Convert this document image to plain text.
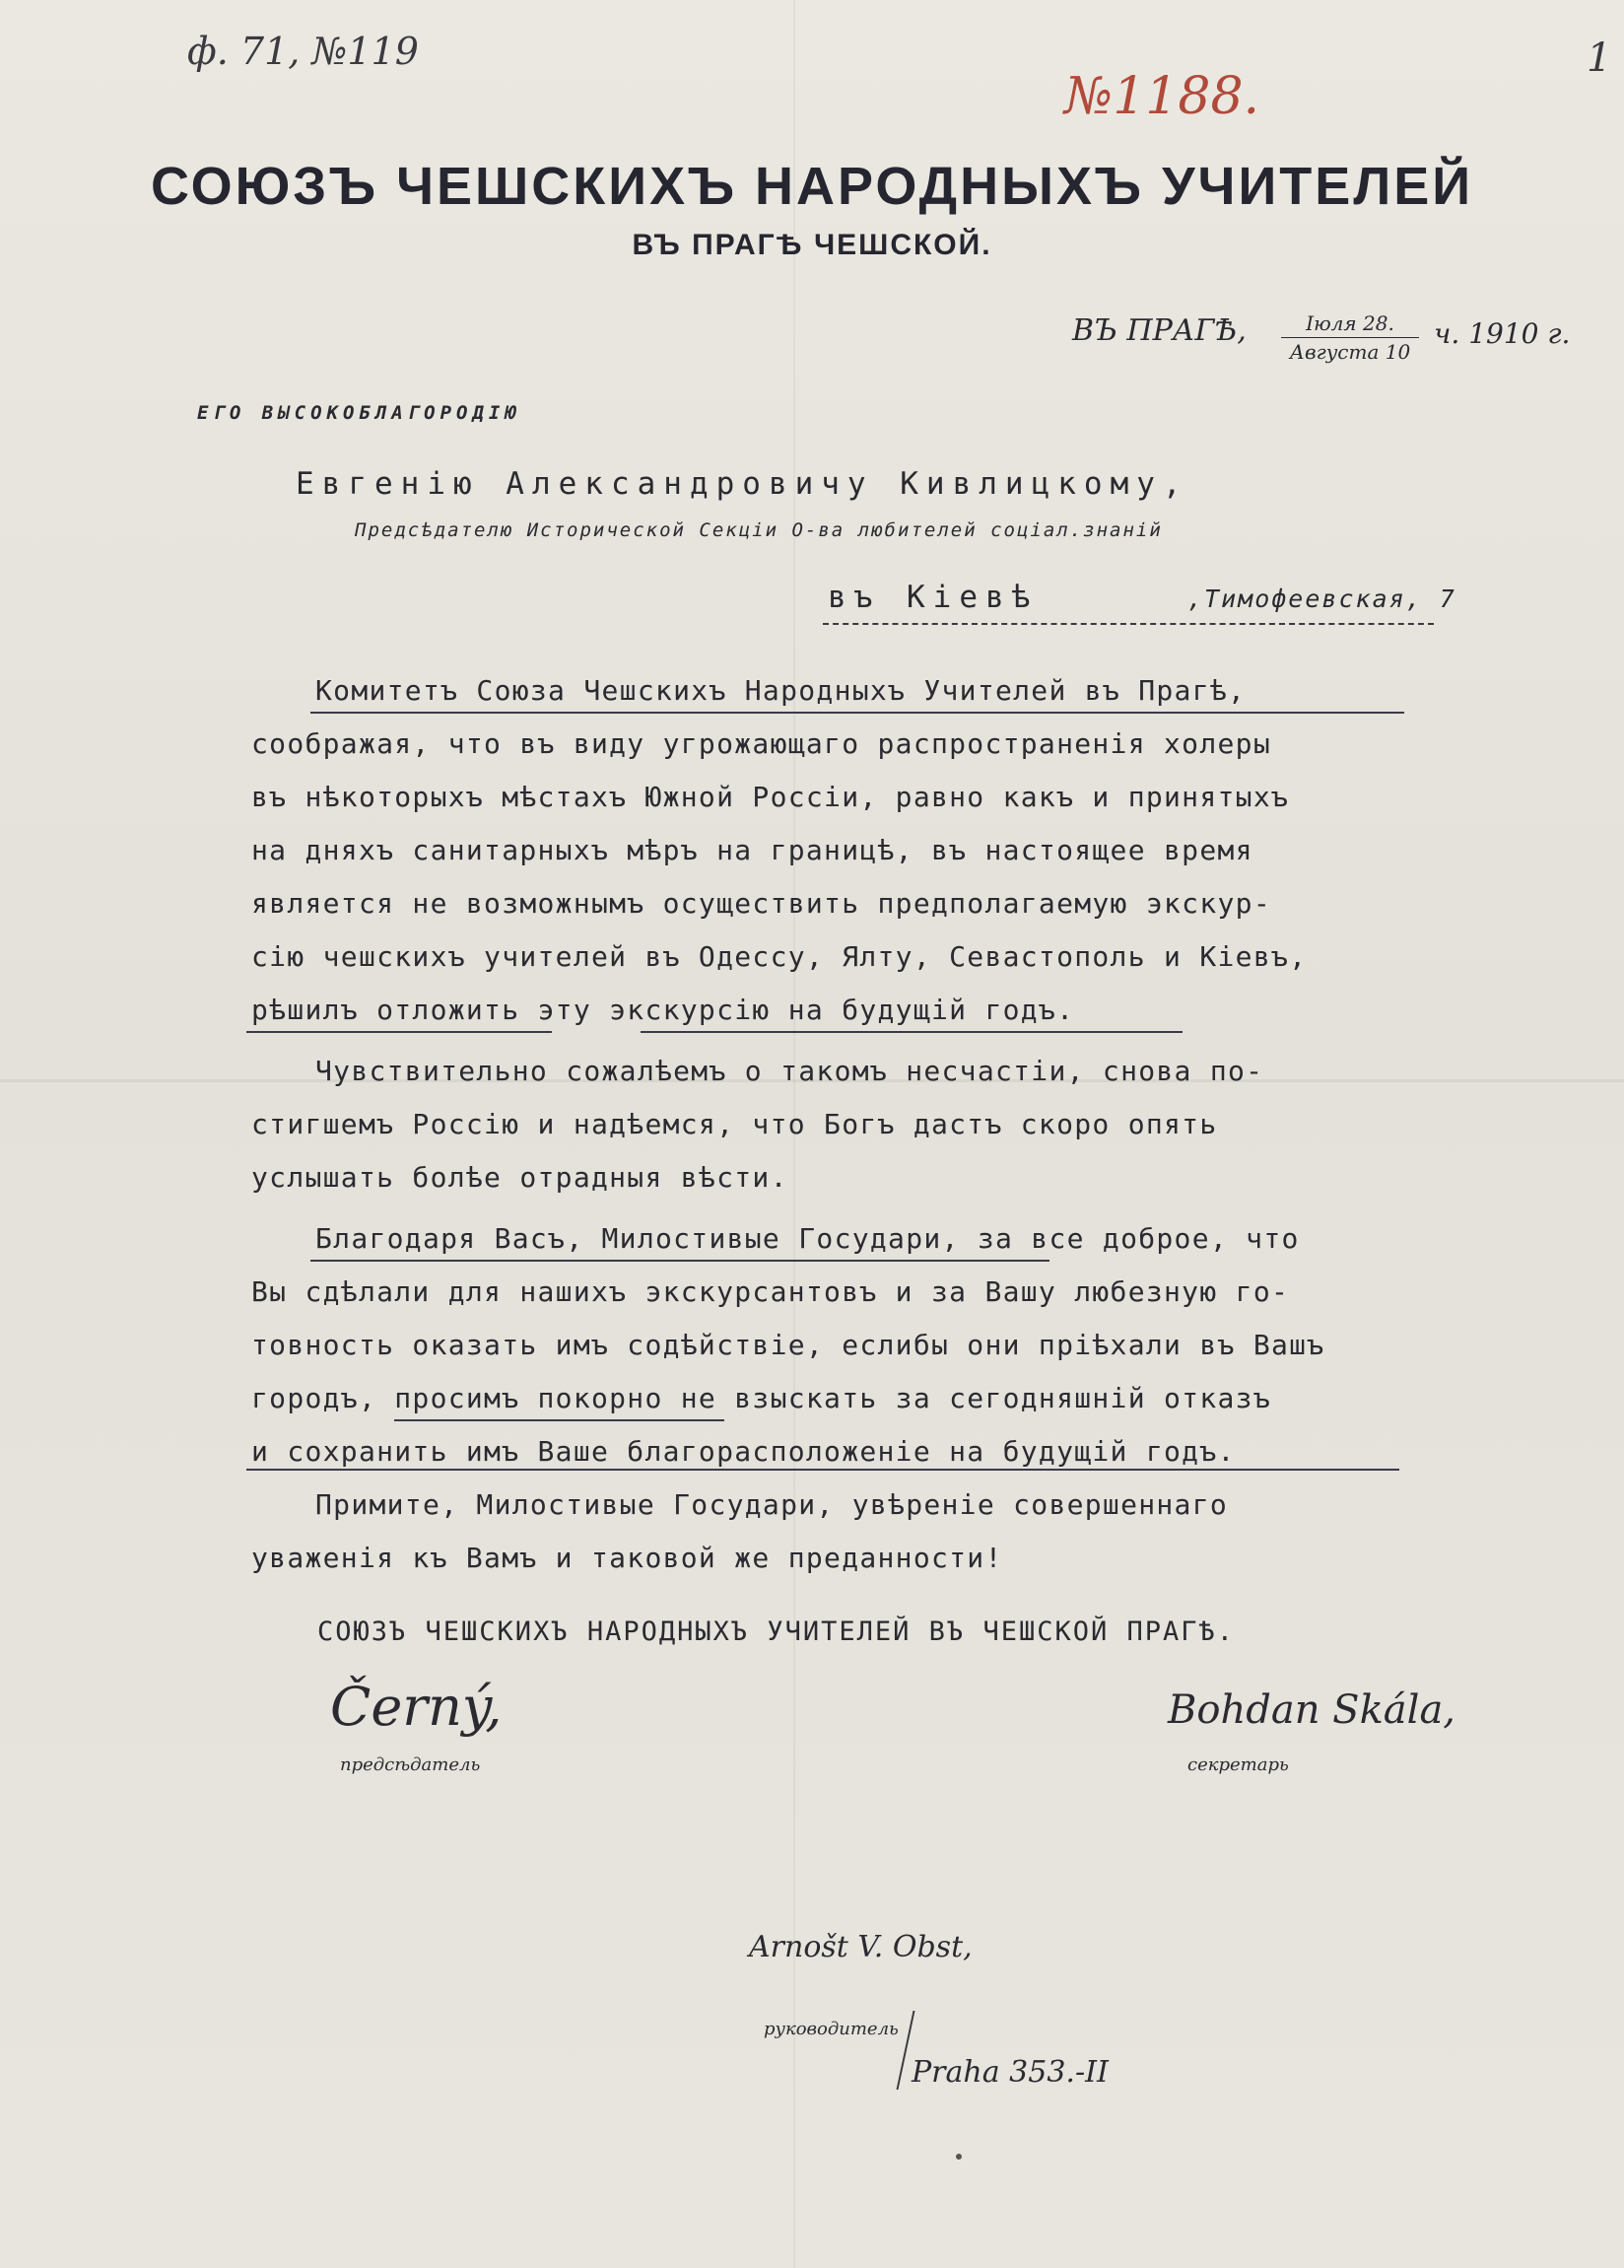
ф. 71, №119
№1188.
1
СОЮЗЪ ЧЕШСКИХЪ НАРОДНЫХЪ УЧИТЕЛЕЙ
ВЪ ПРАГѢ ЧЕШСКОЙ.
ВЪ ПРАГѢ,	Іюля 28.
Августа 10
ч. 1910 г.
ЕГО ВЫСОКОБЛАГОРОДІЮ
Евгенію Александровичу Кивлицкому,
Предсѣдателю Исторической Секціи О-ва любителей соціал.знаній
въ Кіевѣ	,Тимофеевская, 7
Комитетъ Союза Чешскихъ Народныхъ Учителей въ Прагѣ,
соображая, что въ виду угрожающаго распространенія холеры
въ нѣкоторыхъ мѣстахъ Южной Россіи, равно какъ и принятыхъ
на дняхъ санитарныхъ мѣръ на границѣ, въ настоящее время
является не возможнымъ осуществить предполагаемую экскур-
сію чешскихъ учителей въ Одессу, Ялту, Севастополь и Кіевъ,
рѣшилъ отложить эту экскурсію на будущій годъ.
Чувствительно сожалѣемъ о такомъ несчастіи, снова по-
стигшемъ Россію и надѣемся, что Богъ дастъ скоро опять
услышать болѣе отрадныя вѣсти.
Благодаря Васъ, Милостивые Государи, за все доброе, что
Вы сдѣлали для нашихъ экскурсантовъ и за Вашу любезную го-
товность оказать имъ содѣйствіе, еслибы они пріѣхали въ Вашъ
городъ, просимъ покорно не взыскать за сегодняшній отказъ
и сохранить имъ Ваше благорасположеніе на будущій годъ.
Примите, Милостивые Государи, увѣреніе совершеннаго
уваженія къ Вамъ и таковой же преданности!
СОЮЗЪ ЧЕШСКИХЪ НАРОДНЫХЪ УЧИТЕЛЕЙ ВЪ ЧЕШСКОЙ ПРАГѢ.
Černý,
предсѣдатель
Bohdan Skála,
секретарь
Arnošt V. Obst,
руководитель
Praha 353.-II
